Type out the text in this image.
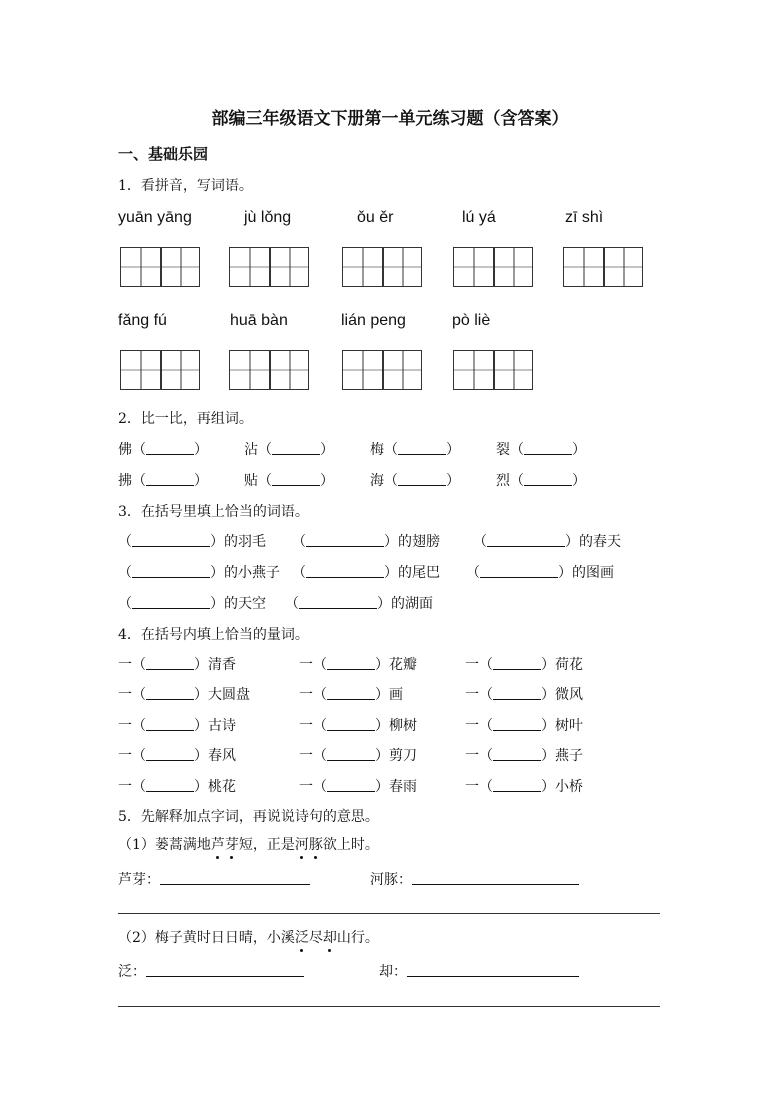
部编三年级语文下册第一单元练习题（含答案）
一、基础乐园
1．看拼音，写词语。
yuān yāng	jù lǒng	ǒu ěr	lú yá	zī shì
fǎng fú	huā bàn	lián peng	pò liè
2．比一比，再组词。
佛（	）	沾（	）	梅（	）	裂（	）
拂（	）	贴（	）	海（	）	烈（	）
3．在括号里填上恰当的词语。
（	）的羽毛 （	）的翅膀 （	）的春天
（	）的小燕子 （	）的尾巴 （	）的图画
（	）的天空 （	）的湖面
4．在括号内填上恰当的量词。
一（	）清香	一（	）花瓣	一（	）荷花
一（	）大圆盘	一（	）画	一（	）微风
一（	）古诗	一（	）柳树	一（	）树叶
一（	）春风	一（	）剪刀	一（	）燕子
一（	）桃花	一（	）春雨	一（	）小桥
5．先解释加点字词，再说说诗句的意思。
（1）蒌蒿满地芦芽短，正是河豚欲上时。
芦芽：	河豚：
（2）梅子黄时日日晴，小溪泛尽却山行。
泛：	却：
